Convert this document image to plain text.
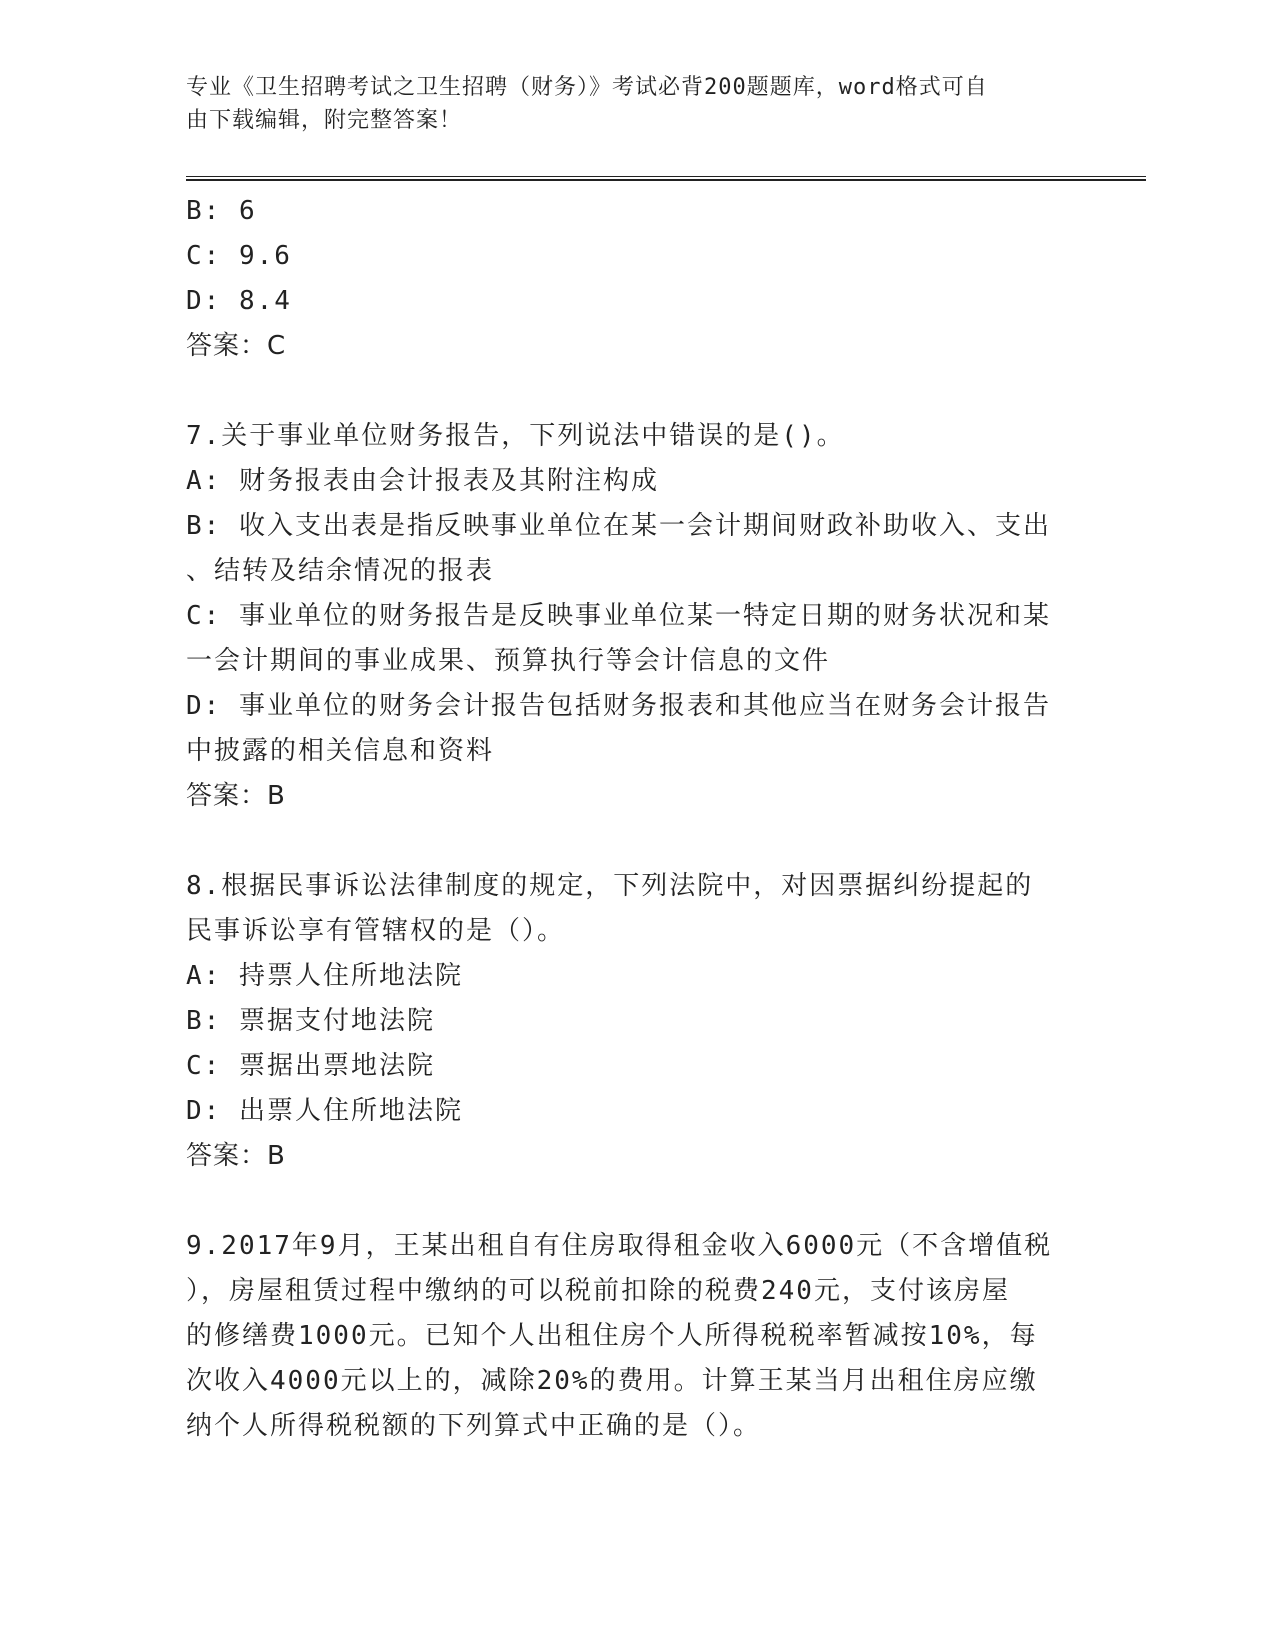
专业《卫生招聘考试之卫生招聘（财务）》考试必背200题题库，word格式可自
由下载编辑，附完整答案！
B: 6
C: 9.6
D: 8.4
答案：C
7.关于事业单位财务报告，下列说法中错误的是()。
A: 财务报表由会计报表及其附注构成
B: 收入支出表是指反映事业单位在某一会计期间财政补助收入、支出
、结转及结余情况的报表
C: 事业单位的财务报告是反映事业单位某一特定日期的财务状况和某
一会计期间的事业成果、预算执行等会计信息的文件
D: 事业单位的财务会计报告包括财务报表和其他应当在财务会计报告
中披露的相关信息和资料
答案：B
8.根据民事诉讼法律制度的规定，下列法院中，对因票据纠纷提起的
民事诉讼享有管辖权的是（）。
A: 持票人住所地法院
B: 票据支付地法院
C: 票据出票地法院
D: 出票人住所地法院
答案：B
9.2017年9月，王某出租自有住房取得租金收入6000元（不含增值税
），房屋租赁过程中缴纳的可以税前扣除的税费240元，支付该房屋
的修缮费1000元。已知个人出租住房个人所得税税率暂减按10%，每
次收入4000元以上的，减除20%的费用。计算王某当月出租住房应缴
纳个人所得税税额的下列算式中正确的是（）。
